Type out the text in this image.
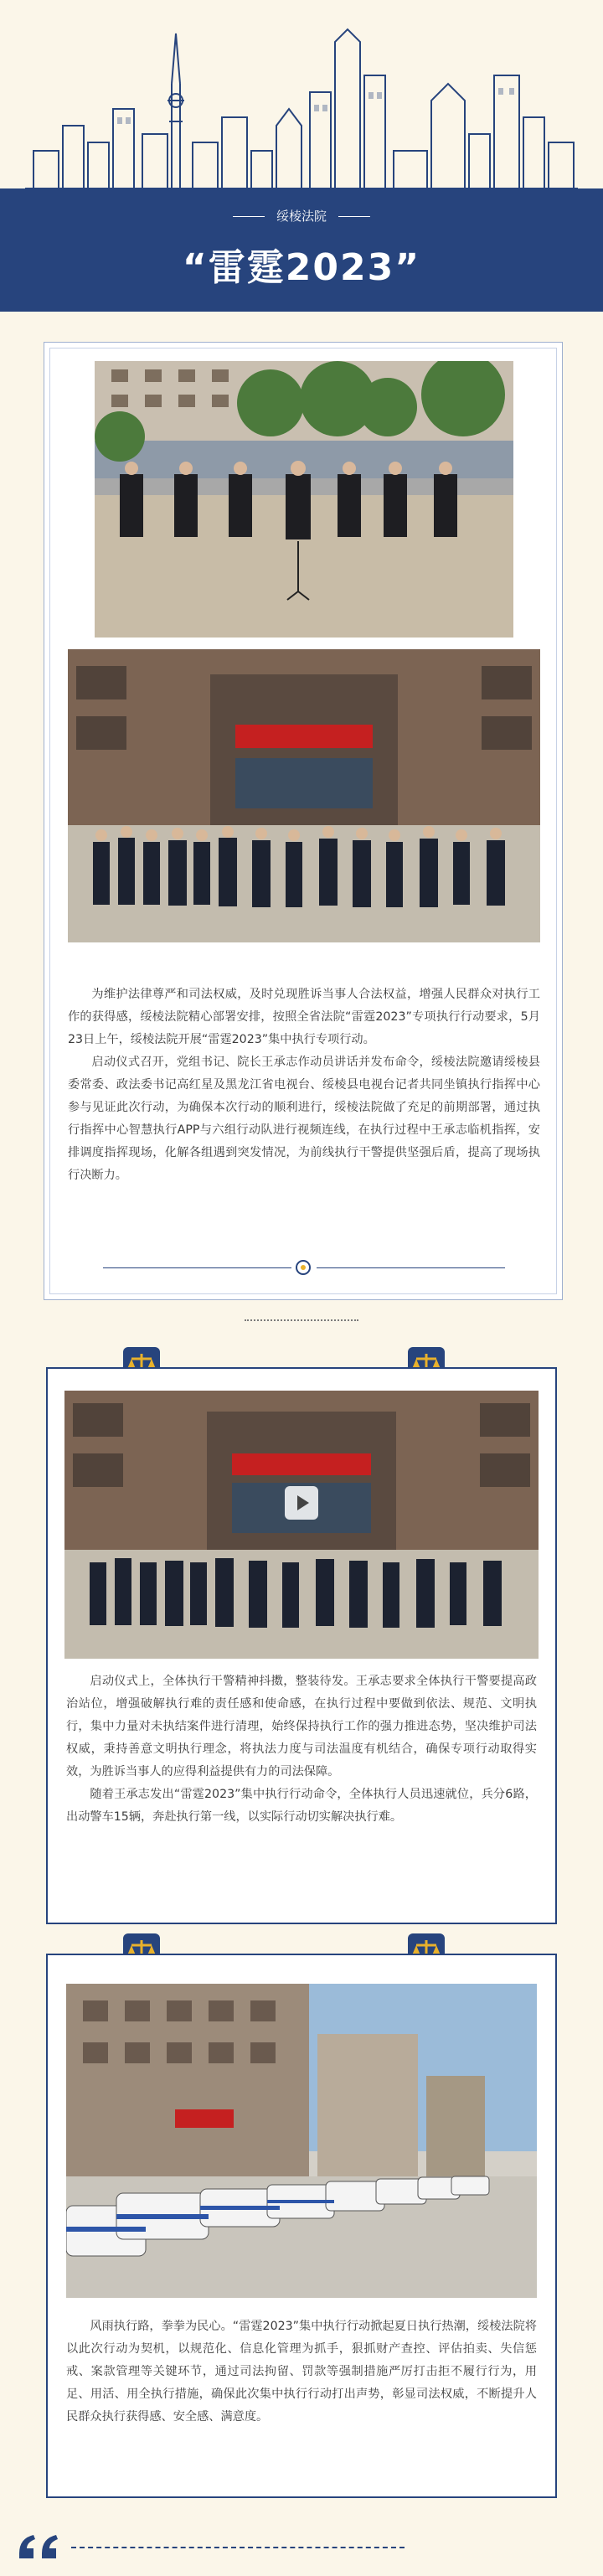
绥棱法院
“雷霆2023”

为维护法律尊严和司法权威，及时兑现胜诉当事人合法权益，增强人民群众对执行工作的获得感，绥棱法院精心部署安排，按照全省法院“雷霆2023”专项执行行动要求，5月23日上午，绥棱法院开展“雷霆2023”集中执行专项行动。

启动仪式召开，党组书记、院长王承志作动员讲话并发布命令，绥棱法院邀请绥棱县委常委、政法委书记高红星及黑龙江省电视台、绥棱县电视台记者共同坐镇执行指挥中心参与见证此次行动，为确保本次行动的顺利进行，绥棱法院做了充足的前期部署，通过执行指挥中心智慧执行APP与六组行动队进行视频连线，在执行过程中王承志临机指挥，安排调度指挥现场，化解各组遇到突发情况，为前线执行干警提供坚强后盾，提高了现场执行决断力。

启动仪式上，全体执行干警精神抖擞，整装待发。王承志要求全体执行干警要提高政治站位，增强破解执行难的责任感和使命感，在执行过程中要做到依法、规范、文明执行，集中力量对未执结案件进行清理，始终保持执行工作的强力推进态势，坚决维护司法权威，秉持善意文明执行理念，将执法力度与司法温度有机结合，确保专项行动取得实效，为胜诉当事人的应得利益提供有力的司法保障。

随着王承志发出“雷霆2023”集中执行行动命令，全体执行人员迅速就位，兵分6路，出动警车15辆，奔赴执行第一线，以实际行动切实解决执行难。

风雨执行路，拳拳为民心。“雷霆2023”集中执行行动掀起夏日执行热潮，绥棱法院将以此次行动为契机，以规范化、信息化管理为抓手，狠抓财产查控、评估拍卖、失信惩戒、案款管理等关键环节，通过司法拘留、罚款等强制措施严厉打击拒不履行行为，用足、用活、用全执行措施，确保此次集中执行行动打出声势，彰显司法权威，不断提升人民群众执行获得感、安全感、满意度。
